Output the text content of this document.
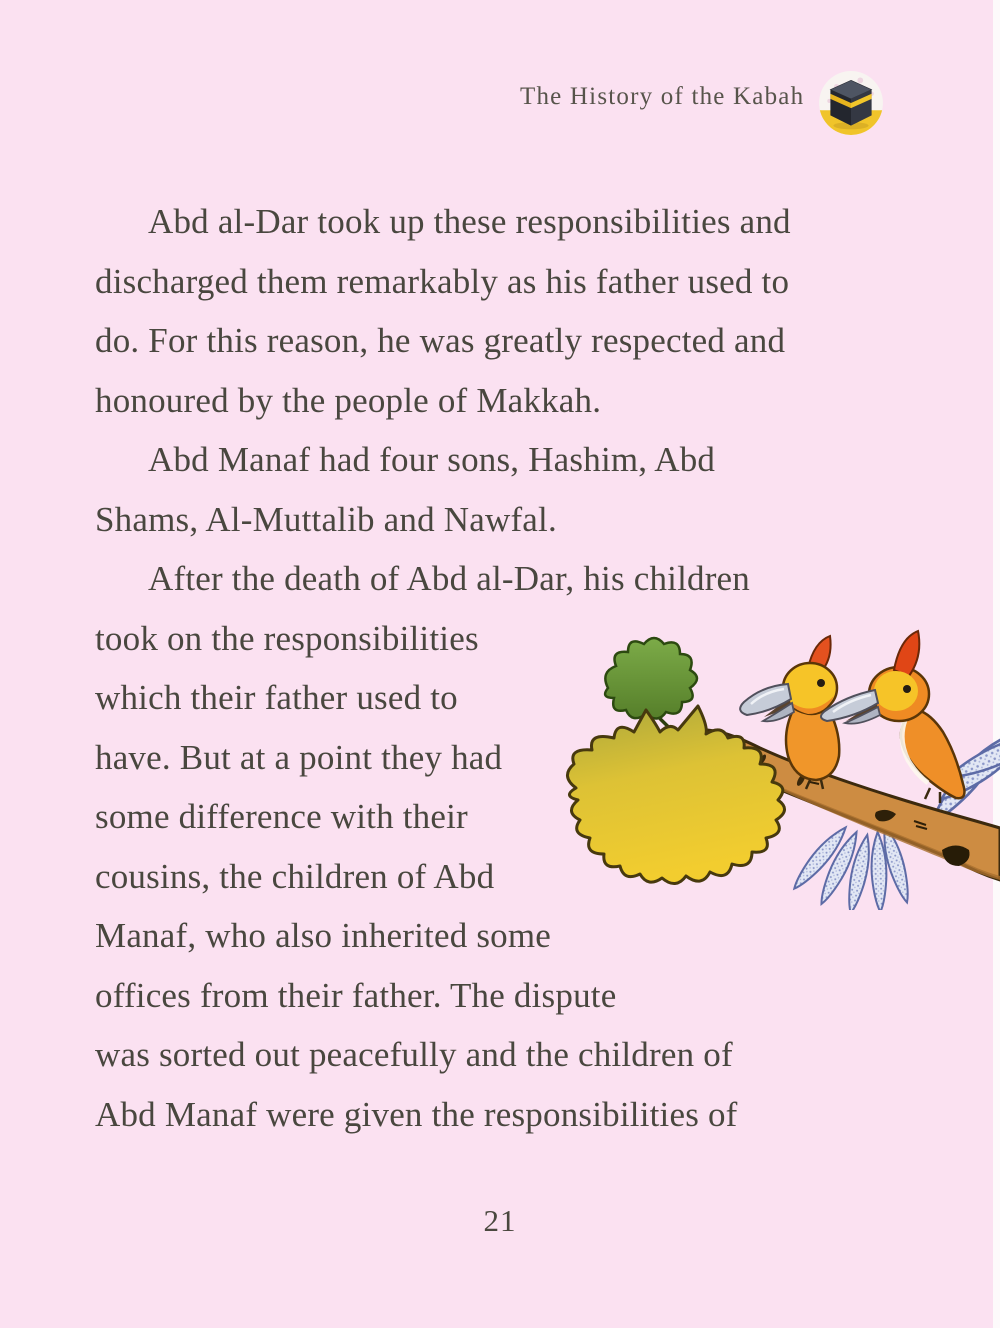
The History of the Kabah
Abd al-Dar took up these responsibilities and
discharged them remarkably as his father used to
do. For this reason, he was greatly respected and
honoured by the people of Makkah.
Abd Manaf had four sons, Hashim, Abd
Shams, Al-Muttalib and Nawfal.
After the death of Abd al-Dar, his children
took on the responsibilities
which their father used to
have. But at a point they had
some difference with their
cousins, the children of Abd
Manaf, who also inherited some
offices from their father. The dispute
was sorted out peacefully and the children of
Abd Manaf were given the responsibilities of
21
